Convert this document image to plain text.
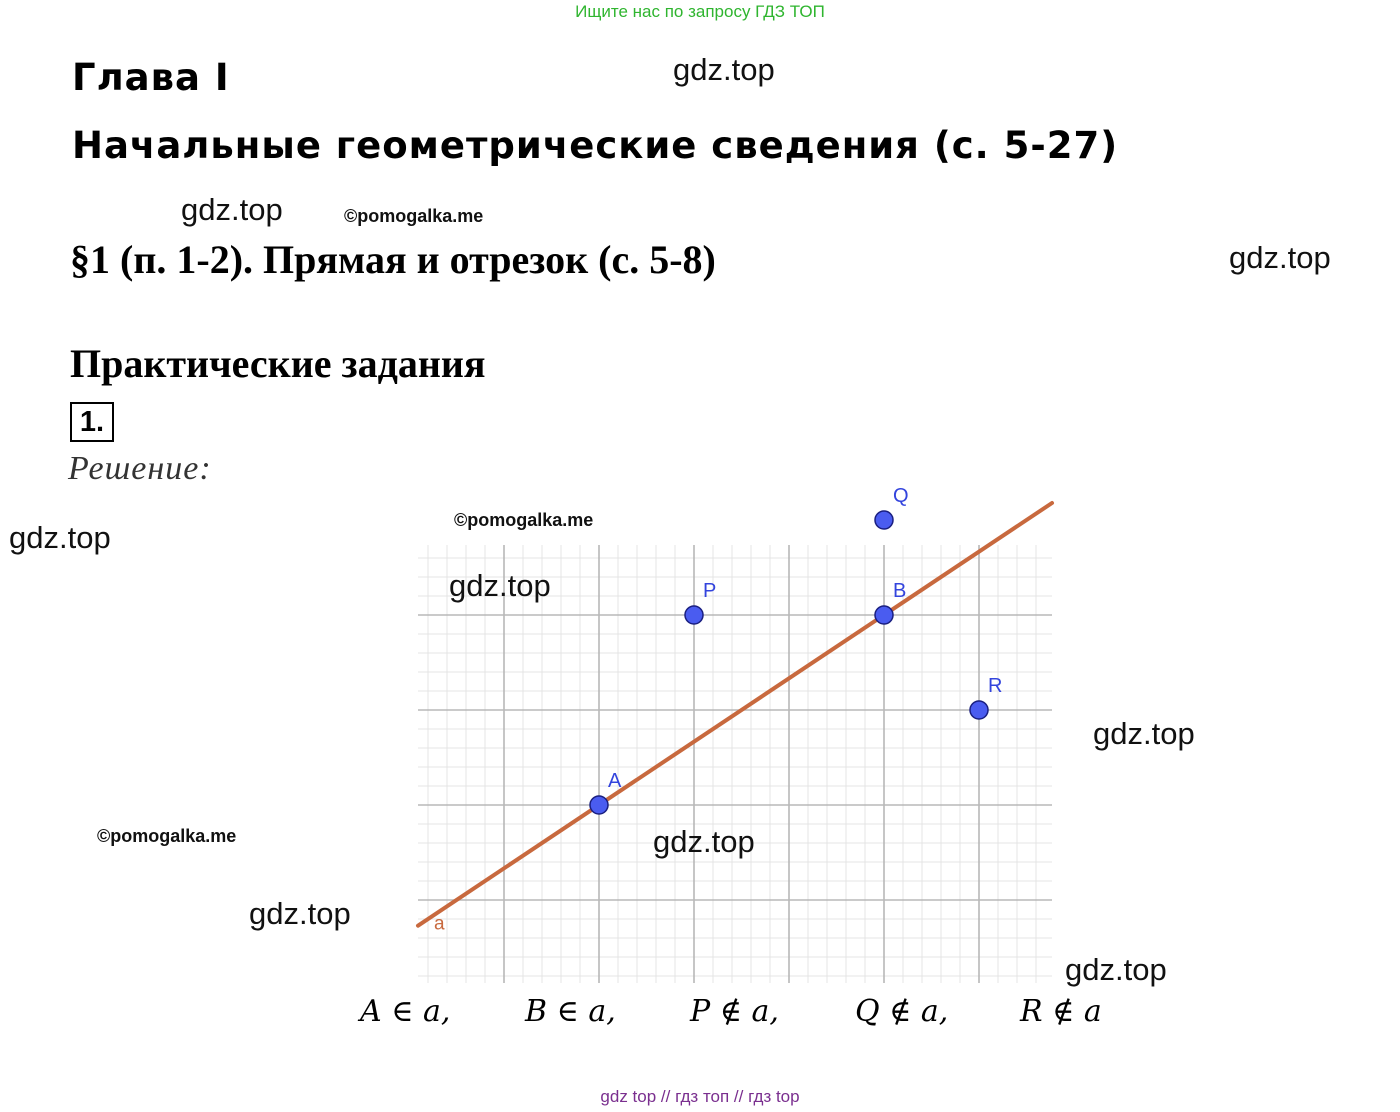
Ищите нас по запросу ГДЗ ТОП
Глава I
Начальные геометрические сведения (с. 5-27)
§1 (п. 1-2). Прямая и отрезок (с. 5-8)
Практические задания
1.
Решение:
gdz.top
gdz.top	©pomogalka.me
gdz.top
gdz.top	©pomogalka.me
gdz.top
©pomogalka.me
gdz.top
gdz.top
a
A
B
P
Q
R
gdz.top
gdz.top
A ∈ a, B ∈ a, P ∉ a,	Q ∉ a, R ∉ a
gdz top // гдз топ // гдз top
